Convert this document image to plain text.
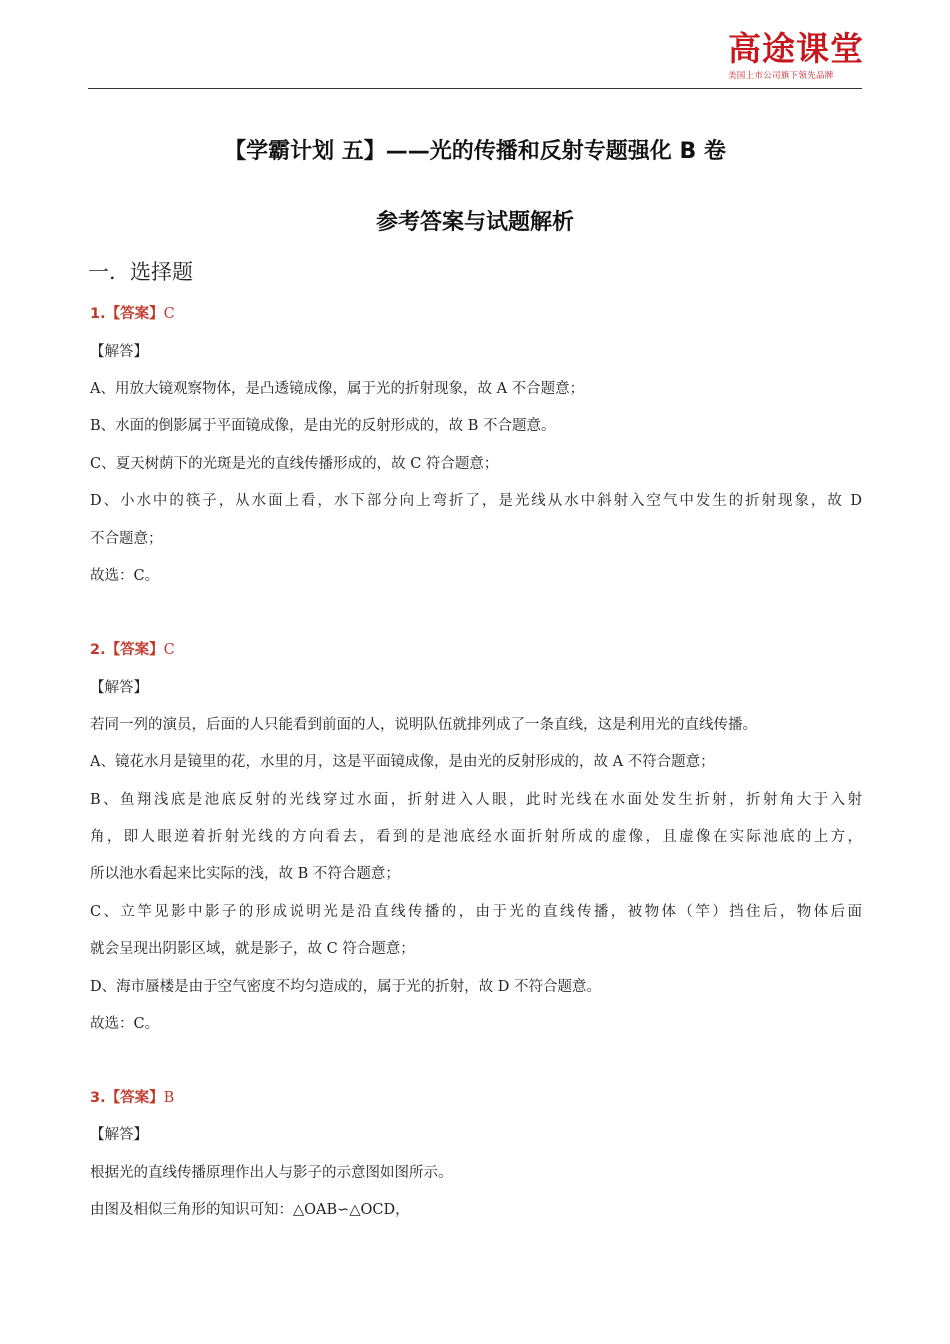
高途课堂
美国上市公司旗下领先品牌
【学霸计划 五】——光的传播和反射专题强化 B 卷
参考答案与试题解析
一．选择题
1.【答案】C
【解答】
A、用放大镜观察物体，是凸透镜成像，属于光的折射现象，故 A 不合题意；
B、水面的倒影属于平面镜成像，是由光的反射形成的，故 B 不合题意。
C、夏天树荫下的光斑是光的直线传播形成的，故 C 符合题意；
D、小水中的筷子，从水面上看，水下部分向上弯折了，是光线从水中斜射入空气中发生的折射现象，故 D
不合题意；
故选：C。
2.【答案】C
【解答】
若同一列的演员，后面的人只能看到前面的人，说明队伍就排列成了一条直线，这是利用光的直线传播。
A、镜花水月是镜里的花，水里的月，这是平面镜成像，是由光的反射形成的，故 A 不符合题意；
B、鱼翔浅底是池底反射的光线穿过水面，折射进入人眼，此时光线在水面处发生折射，折射角大于入射
角，即人眼逆着折射光线的方向看去，看到的是池底经水面折射所成的虚像，且虚像在实际池底的上方，
所以池水看起来比实际的浅，故 B 不符合题意；
C、立竿见影中影子的形成说明光是沿直线传播的，由于光的直线传播，被物体（竿）挡住后，物体后面
就会呈现出阴影区域，就是影子，故 C 符合题意；
D、海市蜃楼是由于空气密度不均匀造成的，属于光的折射，故 D 不符合题意。
故选：C。
3.【答案】B
【解答】
根据光的直线传播原理作出人与影子的示意图如图所示。
由图及相似三角形的知识可知：△OAB∽△OCD，
